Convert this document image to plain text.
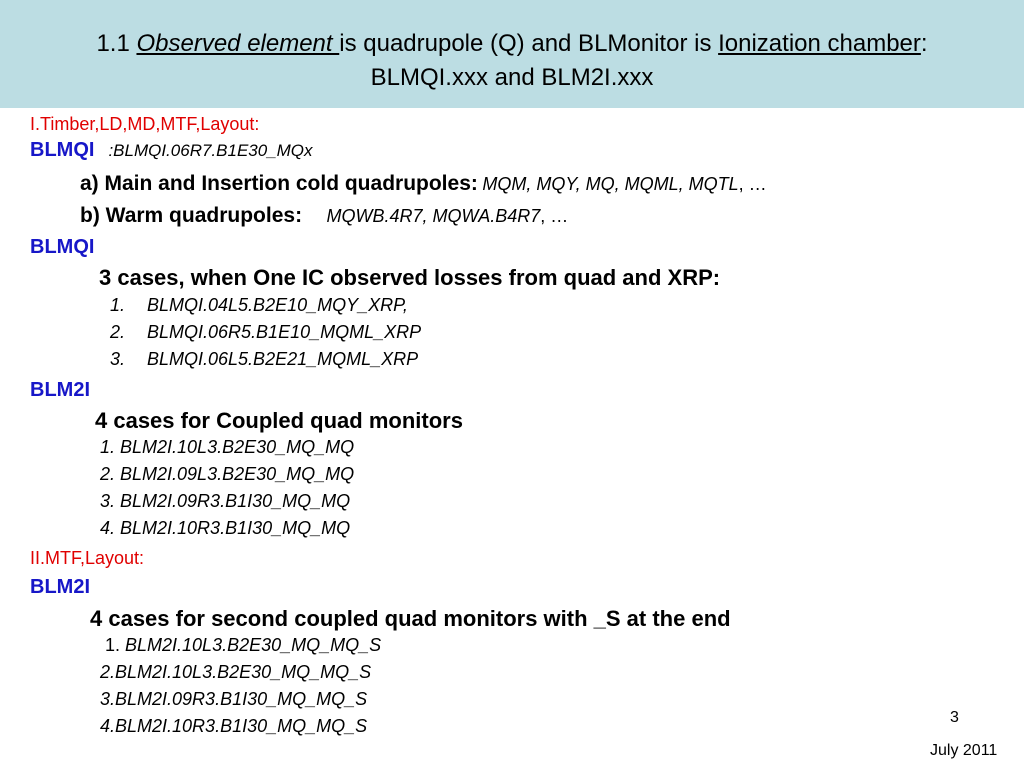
1.1 Observed element is quadrupole (Q) and BLMonitor is Ionization chamber:
BLMQI.xxx and BLM2I.xxx
I.Timber,LD,MD,MTF,Layout:
BLMQI :BLMQI.06R7.B1E30_MQx
a) Main and Insertion cold quadrupoles: MQM, MQY, MQ, MQML, MQTL, …
b) Warm quadrupoles: MQWB.4R7, MQWA.B4R7, …
BLMQI
3 cases, when One IC observed losses from quad and XRP:
1. BLMQI.04L5.B2E10_MQY_XRP,
2. BLMQI.06R5.B1E10_MQML_XRP
3. BLMQI.06L5.B2E21_MQML_XRP
BLM2I
4 cases for Coupled quad monitors
1. BLM2I.10L3.B2E30_MQ_MQ
2. BLM2I.09L3.B2E30_MQ_MQ
3. BLM2I.09R3.B1I30_MQ_MQ
4. BLM2I.10R3.B1I30_MQ_MQ
II.MTF,Layout:
BLM2I
4 cases for second coupled quad monitors with _S at the end
1. BLM2I.10L3.B2E30_MQ_MQ_S
2.BLM2I.10L3.B2E30_MQ_MQ_S
3.BLM2I.09R3.B1I30_MQ_MQ_S
4.BLM2I.10R3.B1I30_MQ_MQ_S	3
July 2011
